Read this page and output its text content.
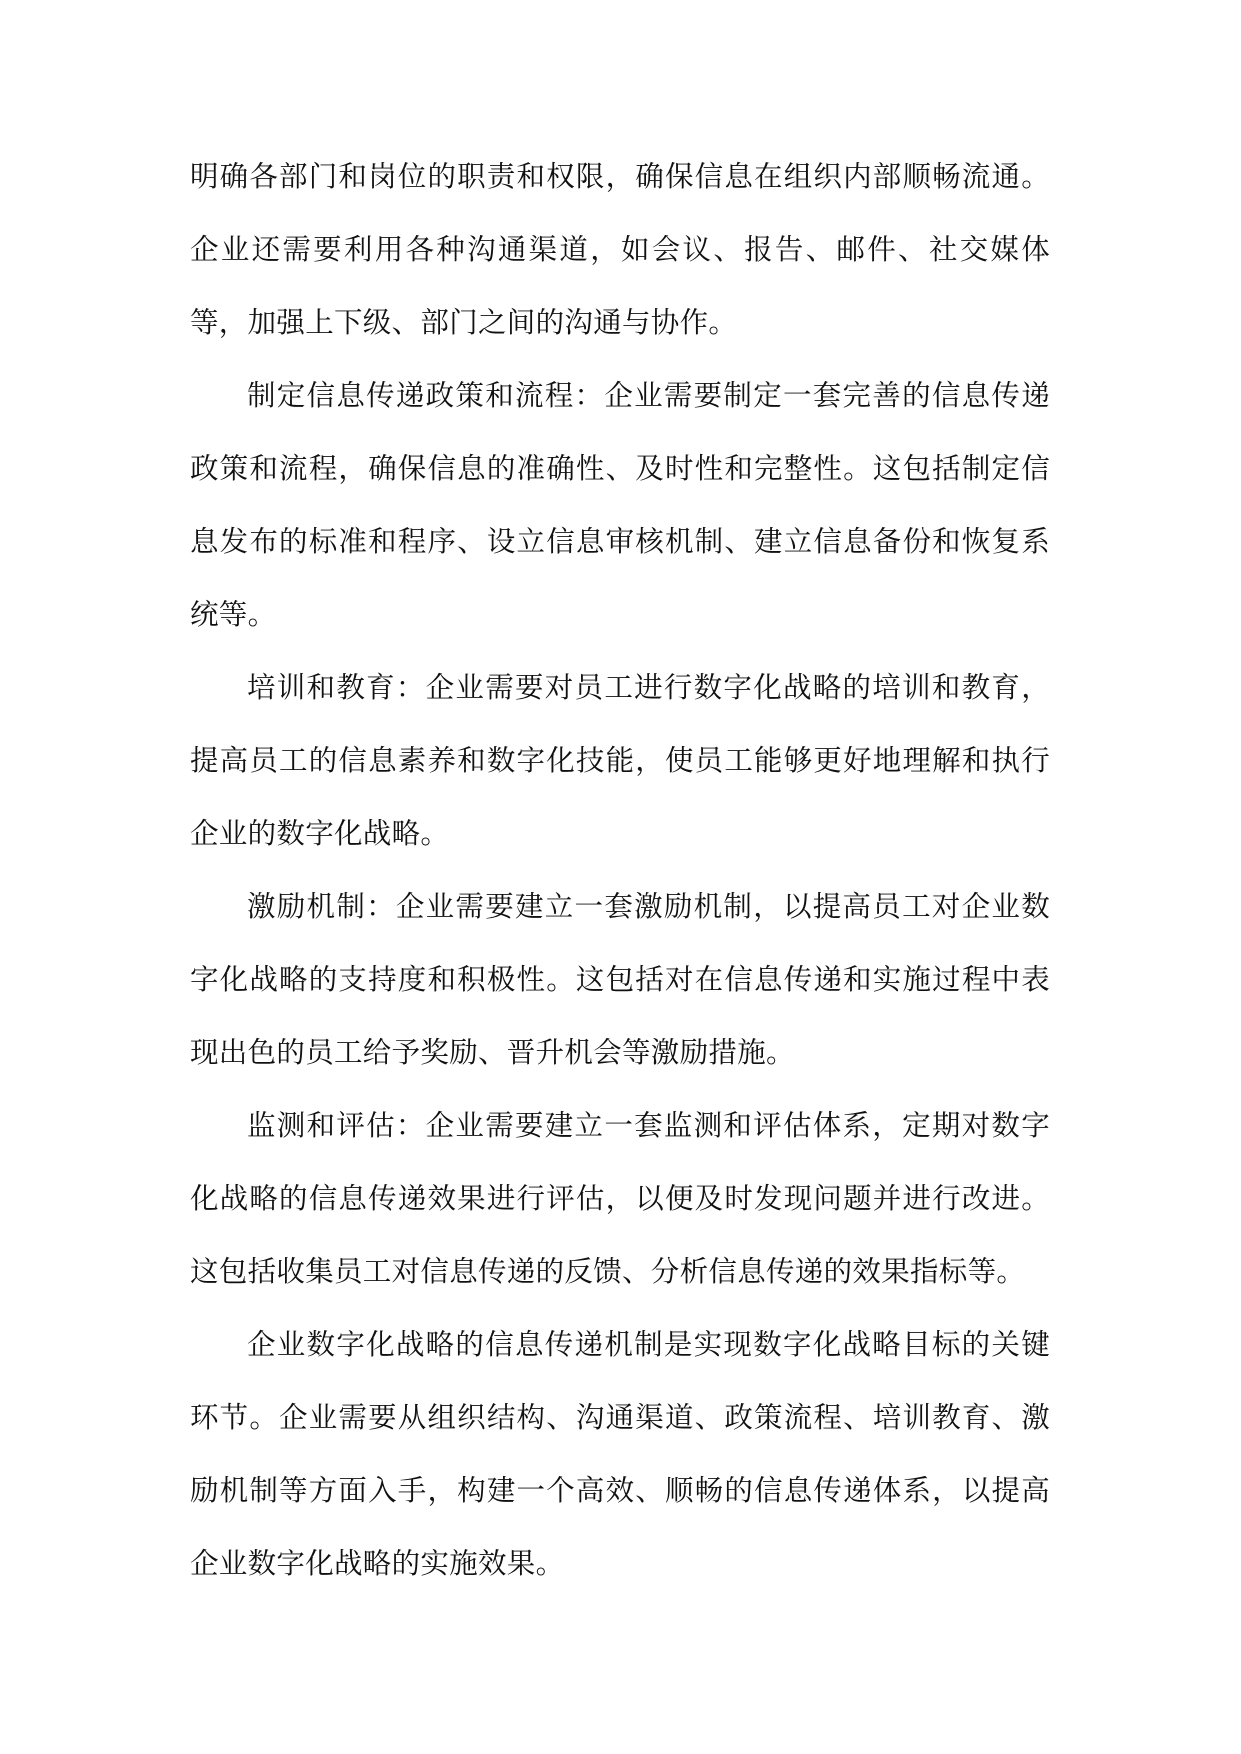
明确各部门和岗位的职责和权限，确保信息在组织内部顺畅流通。企业还需要利用各种沟通渠道，如会议、报告、邮件、社交媒体等，加强上下级、部门之间的沟通与协作。

制定信息传递政策和流程：企业需要制定一套完善的信息传递政策和流程，确保信息的准确性、及时性和完整性。这包括制定信息发布的标准和程序、设立信息审核机制、建立信息备份和恢复系统等。

培训和教育：企业需要对员工进行数字化战略的培训和教育，提高员工的信息素养和数字化技能，使员工能够更好地理解和执行企业的数字化战略。

激励机制：企业需要建立一套激励机制，以提高员工对企业数字化战略的支持度和积极性。这包括对在信息传递和实施过程中表现出色的员工给予奖励、晋升机会等激励措施。

监测和评估：企业需要建立一套监测和评估体系，定期对数字化战略的信息传递效果进行评估，以便及时发现问题并进行改进。这包括收集员工对信息传递的反馈、分析信息传递的效果指标等。

企业数字化战略的信息传递机制是实现数字化战略目标的关键环节。企业需要从组织结构、沟通渠道、政策流程、培训教育、激励机制等方面入手，构建一个高效、顺畅的信息传递体系，以提高企业数字化战略的实施效果。
